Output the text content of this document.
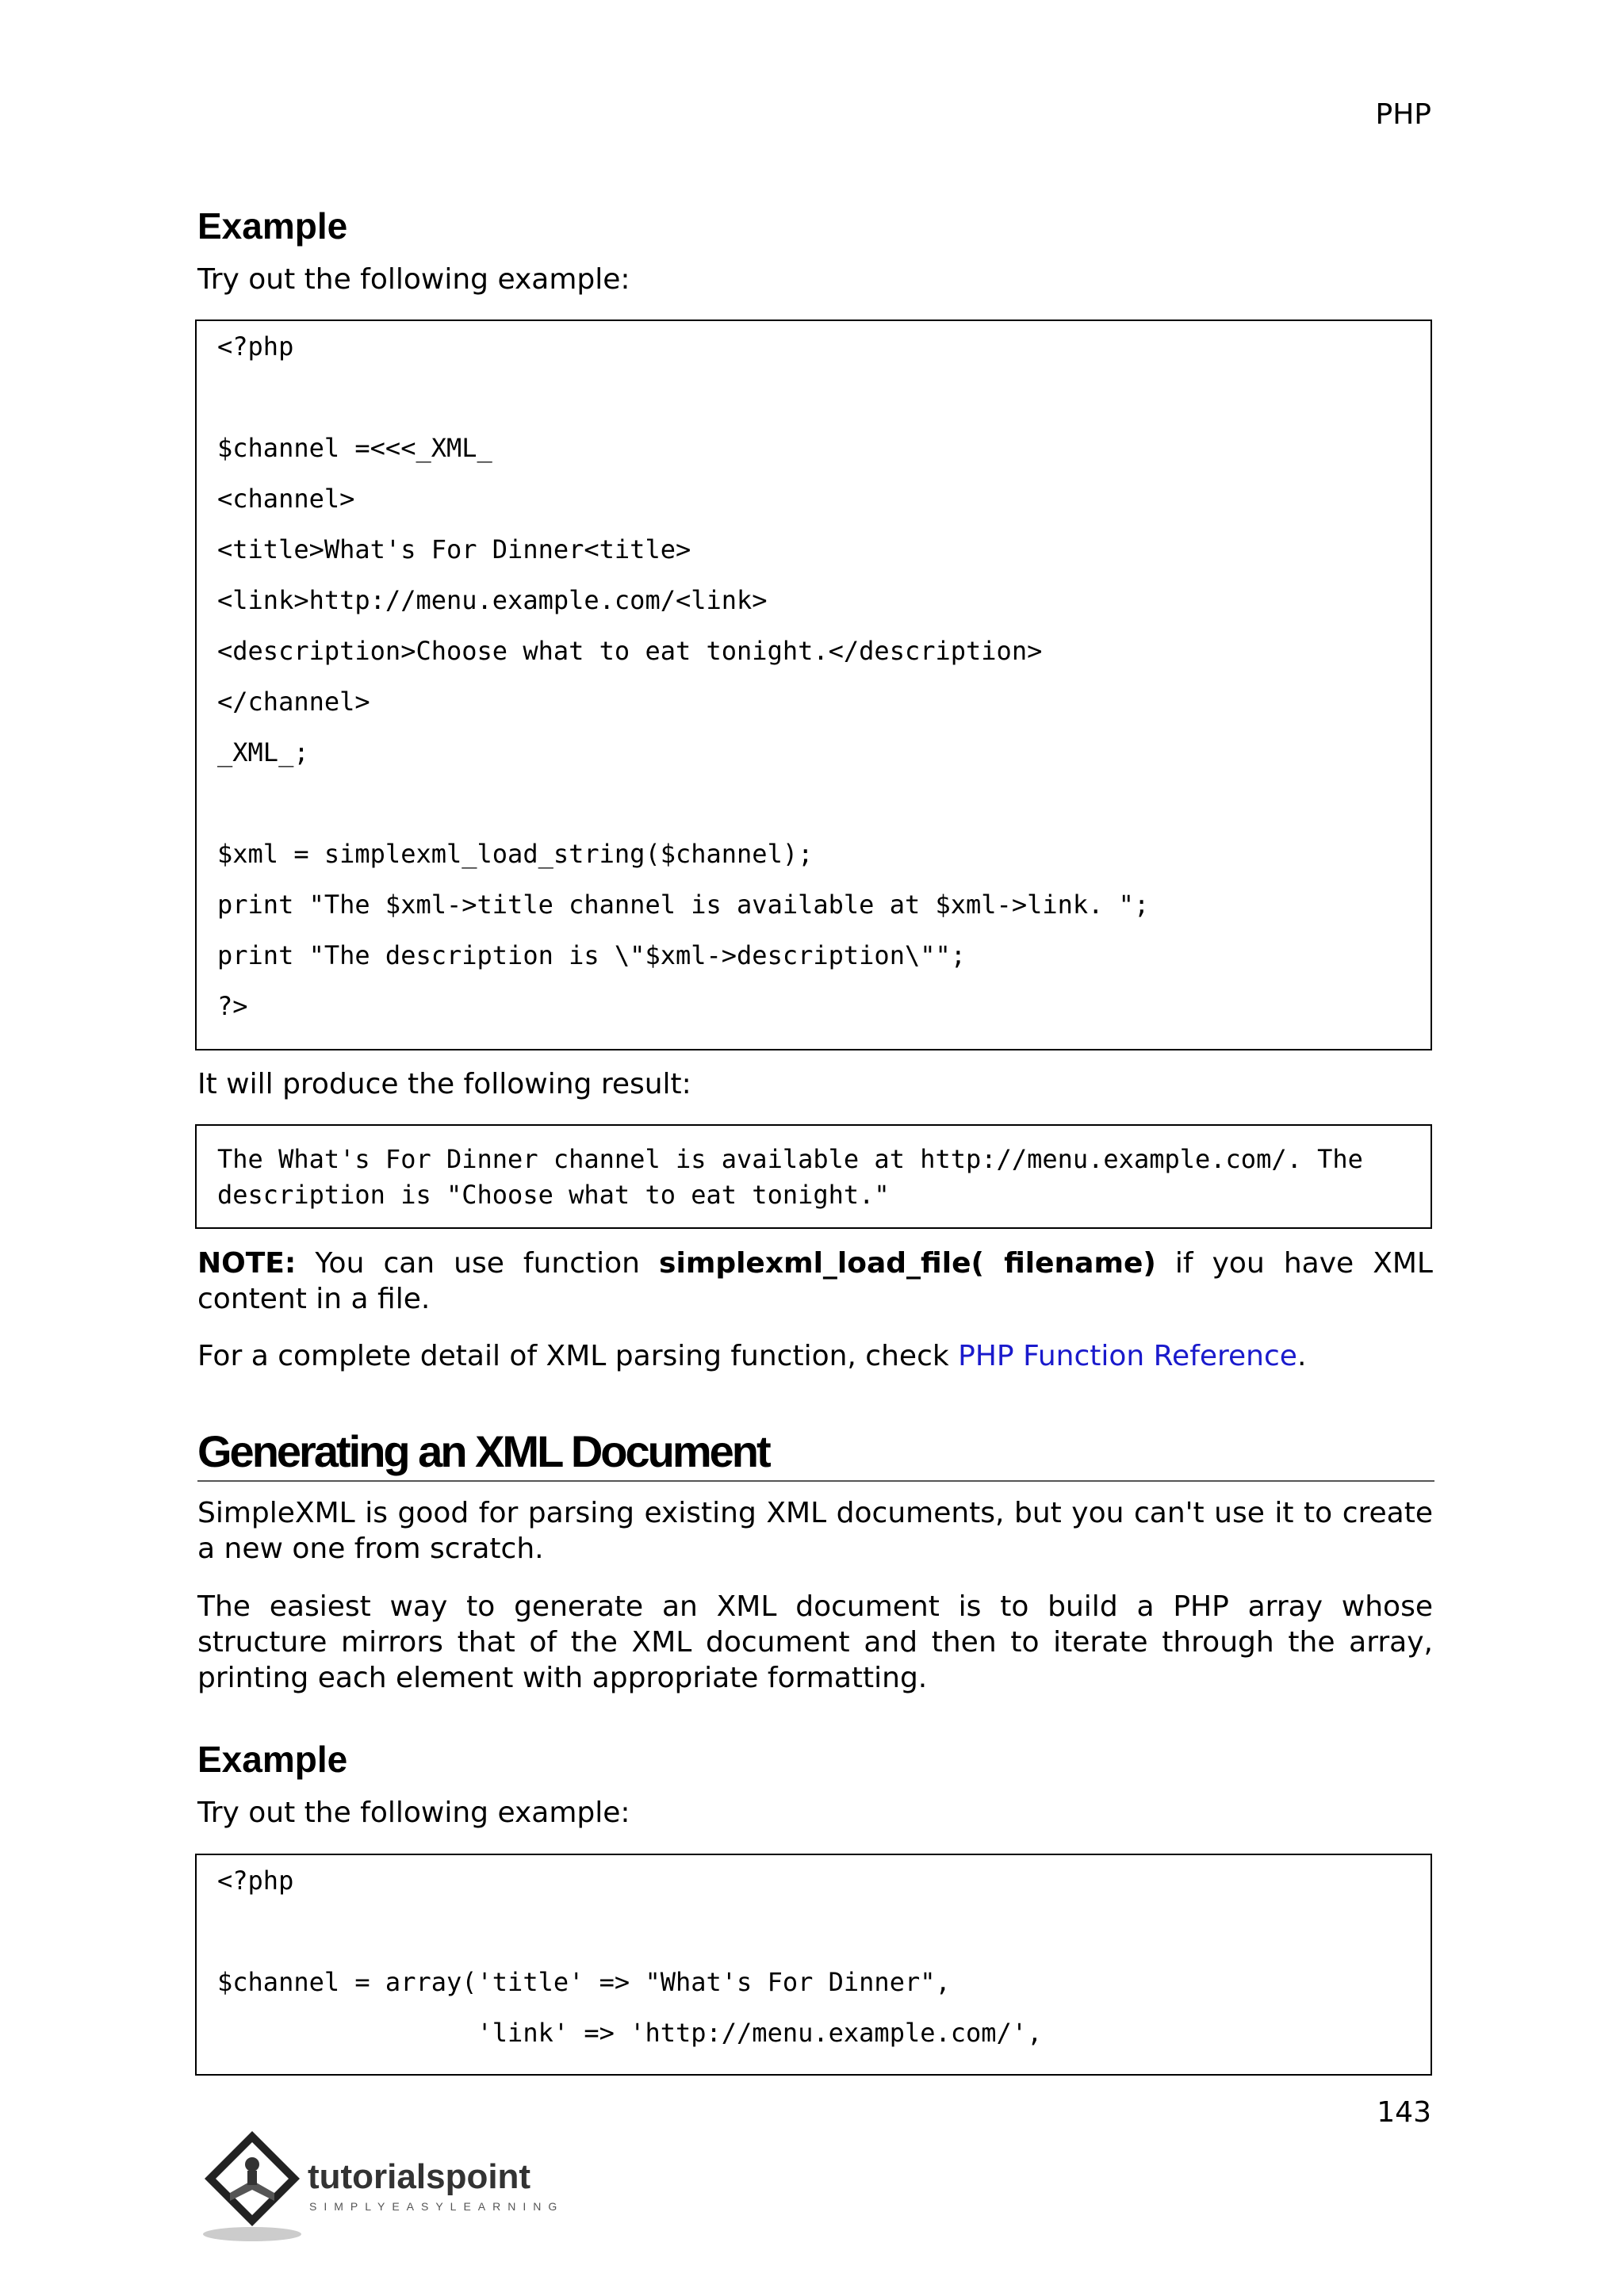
PHP
Example

Try out the following example:

<?php
$channel =<<<_XML_
<channel>
<title>What's For Dinner<title>
<link>http://menu.example.com/<link>
<description>Choose what to eat tonight.</description>
</channel>
_XML_;
$xml = simplexml_load_string($channel);
print "The $xml->title channel is available at $xml->link. ";
print "The description is \"$xml->description\"";
?>

It will produce the following result:

The What's For Dinner channel is available at http://menu.example.com/. The
description is "Choose what to eat tonight."

NOTE: You can use function simplexml_load_file( filename) if you have XML content in a file.

For a complete detail of XML parsing function, check PHP Function Reference.

Generating an XML Document

SimpleXML is good for parsing existing XML documents, but you can't use it to create a new one from scratch.

The easiest way to generate an XML document is to build a PHP array whose structure mirrors that of the XML document and then to iterate through the array, printing each element with appropriate formatting.

Example

Try out the following example:

<?php
$channel = array('title' => "What's For Dinner",
'link' => 'http://menu.example.com/',
143
tutorialspoint
SIMPLYEASYLEARNING
